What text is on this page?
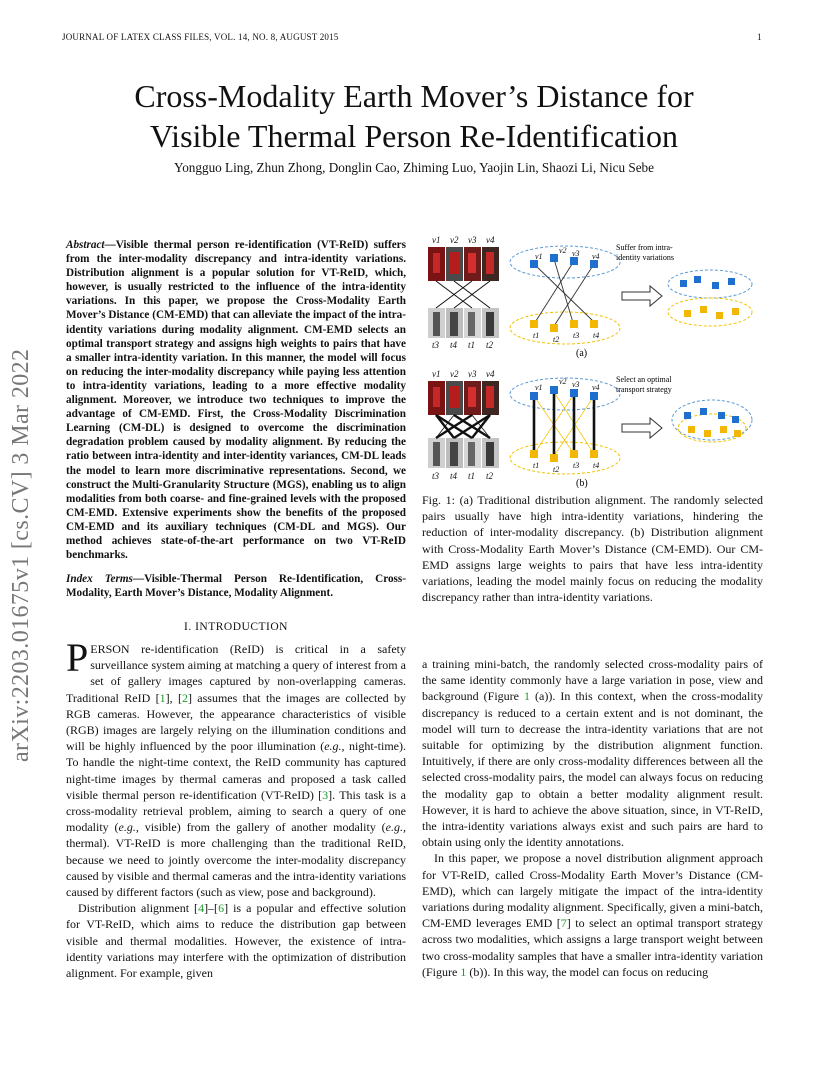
JOURNAL OF LATEX CLASS FILES, VOL. 14, NO. 8, AUGUST 2015	1
Cross-Modality Earth Mover’s Distance for
Visible Thermal Person Re-Identification
Yongguo Ling, Zhun Zhong, Donglin Cao, Zhiming Luo, Yaojin Lin, Shaozi Li, Nicu Sebe
arXiv:2203.01675v1 [cs.CV] 3 Mar 2022
Abstract—Visible thermal person re-identification (VT-ReID) suffers from the inter-modality discrepancy and intra-identity variations. Distribution alignment is a popular solution for VT-ReID, which, however, is usually restricted to the influence of the intra-identity variations. In this paper, we propose the Cross-Modality Earth Mover’s Distance (CM-EMD) that can alleviate the impact of the intra-identity variations during modality alignment. CM-EMD selects an optimal transport strategy and assigns high weights to pairs that have a smaller intra-identity variation. In this manner, the model will focus on reducing the inter-modality discrepancy while paying less attention to intra-identity variations, leading to a more effective modality alignment. Moreover, we introduce two techniques to improve the advantage of CM-EMD. First, the Cross-Modality Discrimination Learning (CM-DL) is designed to overcome the discrimination degradation problem caused by modality alignment. By reducing the ratio between intra-identity and inter-identity variances, CM-DL leads the model to learn more discriminative representations. Second, we construct the Multi-Granularity Structure (MGS), enabling us to align modalities from both coarse- and fine-grained levels with the proposed CM-EMD. Extensive experiments show the benefits of the proposed CM-EMD and its auxiliary techniques (CM-DL and MGS). Our method achieves state-of-the-art performance on two VT-ReID benchmarks.
Index Terms—Visible-Thermal Person Re-Identification, Cross-Modality, Earth Mover’s Distance, Modality Alignment.
I. INTRODUCTION

PERSON re-identification (ReID) is critical in a safety surveillance system aiming at matching a query of interest from a set of gallery images captured by non-overlapping cameras. Traditional ReID [1], [2] assumes that the images are collected by RGB cameras. However, the appearance characteristics of visible (RGB) images are largely relying on the illumination conditions and will be highly influenced by the poor illumination (e.g., night-time). To handle the night-time context, the ReID community has captured night-time images by thermal cameras and proposed a task called visible thermal person re-identification (VT-ReID) [3]. This task is a cross-modality retrieval problem, aiming to search a query of one modality (e.g., visible) from the gallery of another modality (e.g., thermal). VT-ReID is more challenging than the traditional ReID, because we need to jointly overcome the inter-modality discrepancy caused by visible and thermal cameras and the intra-identity variations caused by different factors (such as view, pose and background).

Distribution alignment [4]–[6] is a popular and effective solution for VT-ReID, which aims to reduce the distribution gap between visible and thermal modalities. However, the existence of intra-identity variations may interfere with the optimization of distribution alignment. For example, given

a training mini-batch, the randomly selected cross-modality pairs of the same identity commonly have a large variation in pose, view and background (Figure 1 (a)). In this context, when the cross-modality discrepancy is reduced to a certain extent and is not dominant, the model will turn to decrease the intra-identity variations that are not suitable for optimizing by the distribution alignment function. Intuitively, if there are only cross-modality differences between all the selected cross-modality pairs, the model can always focus on reducing the modality gap to obtain a better modality alignment result. However, it is hard to achieve the above situation, since, in VT-ReID, the intra-identity variations always exist and such pairs are hard to obtain using only the identity annotations.

In this paper, we propose a novel distribution alignment approach for VT-ReID, called Cross-Modality Earth Mover’s Distance (CM-EMD), which can largely mitigate the impact of the intra-identity variations during modality alignment. Specifically, given a mini-batch, CM-EMD leverages EMD [7] to select an optimal transport strategy across two modalities, which assigns a large transport weight between two cross-modality samples that have a smaller intra-identity variation (Figure 1 (b)). In this way, the model can focus on reducing

v1 v2 v3 v4
t3 t4 t1 t2
v1
v2 v3 v4
t1 t2 t3 t4
(a)
Suffer from intra-
identity variations
v1 v2 v3 v4
t3 t4 t1 t2
v1
v2 v3 v4
t1 t2 t3 t4
(b)
Select an optimal
transport strategy
Fig. 1: (a) Traditional distribution alignment. The randomly selected pairs usually have high intra-identity variations, hindering the reduction of inter-modality discrepancy. (b) Distribution alignment with Cross-Modality Earth Mover’s Distance (CM-EMD). Our CM-EMD assigns large weights to pairs that have less intra-identity variations, leading the model mainly focus on reducing the modality discrepancy rather than intra-identity variations.
